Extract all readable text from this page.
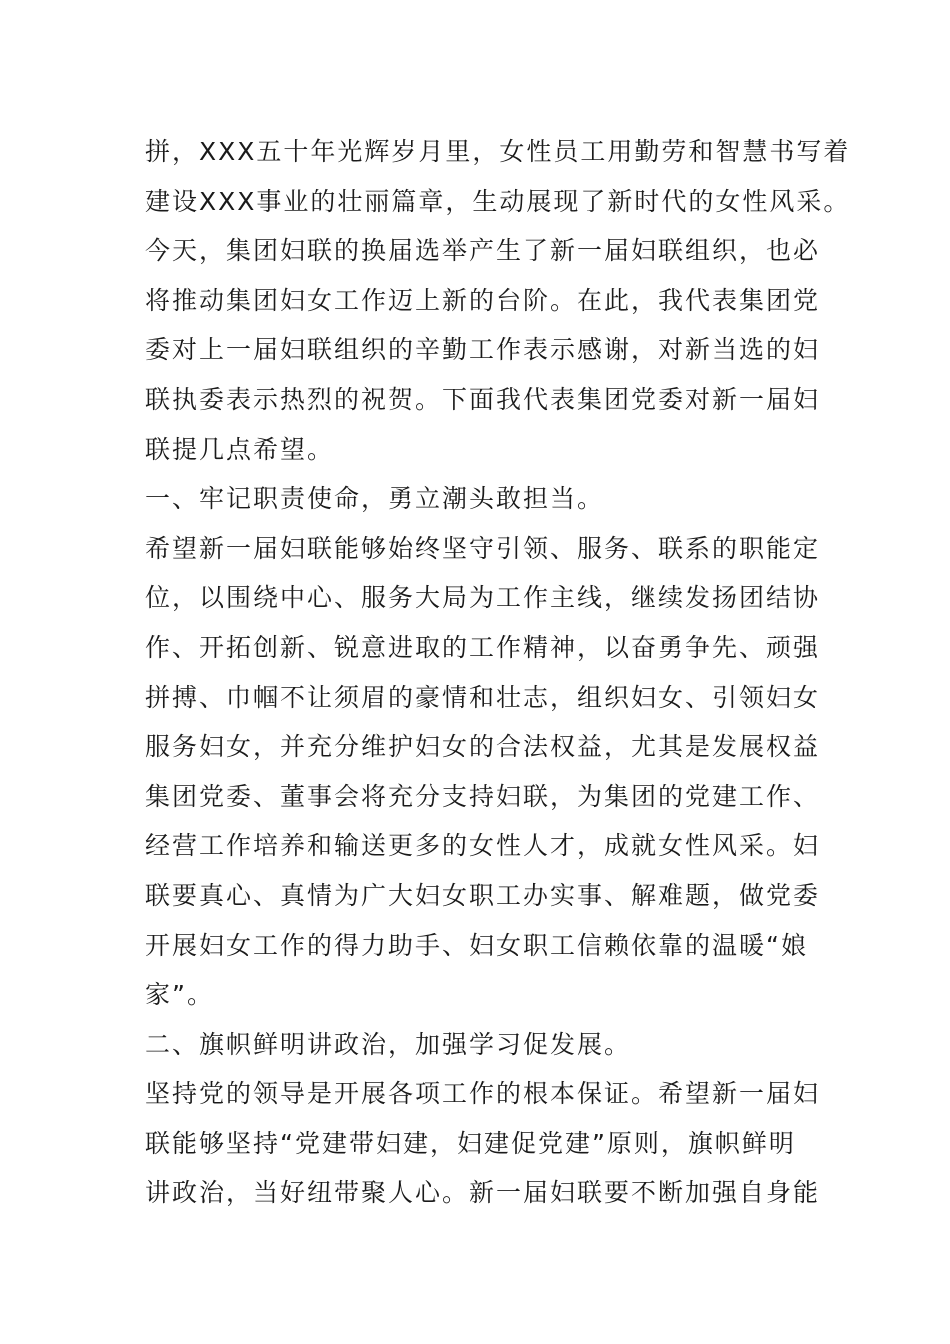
拼，XXX五十年光辉岁月里，女性员工用勤劳和智慧书写着
建设XXX事业的壮丽篇章，生动展现了新时代的女性风采。
今天，集团妇联的换届选举产生了新一届妇联组织，也必
将推动集团妇女工作迈上新的台阶。在此，我代表集团党
委对上一届妇联组织的辛勤工作表示感谢，对新当选的妇
联执委表示热烈的祝贺。下面我代表集团党委对新一届妇
联提几点希望。
一、牢记职责使命，勇立潮头敢担当。
希望新一届妇联能够始终坚守引领、服务、联系的职能定
位，以围绕中心、服务大局为工作主线，继续发扬团结协
作、开拓创新、锐意进取的工作精神，以奋勇争先、顽强
拼搏、巾帼不让须眉的豪情和壮志，组织妇女、引领妇女
服务妇女，并充分维护妇女的合法权益，尤其是发展权益
集团党委、董事会将充分支持妇联，为集团的党建工作、
经营工作培养和输送更多的女性人才，成就女性风采。妇
联要真心、真情为广大妇女职工办实事、解难题，做党委
开展妇女工作的得力助手、妇女职工信赖依靠的温暖“娘
家”。
二、旗帜鲜明讲政治，加强学习促发展。
坚持党的领导是开展各项工作的根本保证。希望新一届妇
联能够坚持“党建带妇建，妇建促党建”原则，旗帜鲜明
讲政治，当好纽带聚人心。新一届妇联要不断加强自身能
